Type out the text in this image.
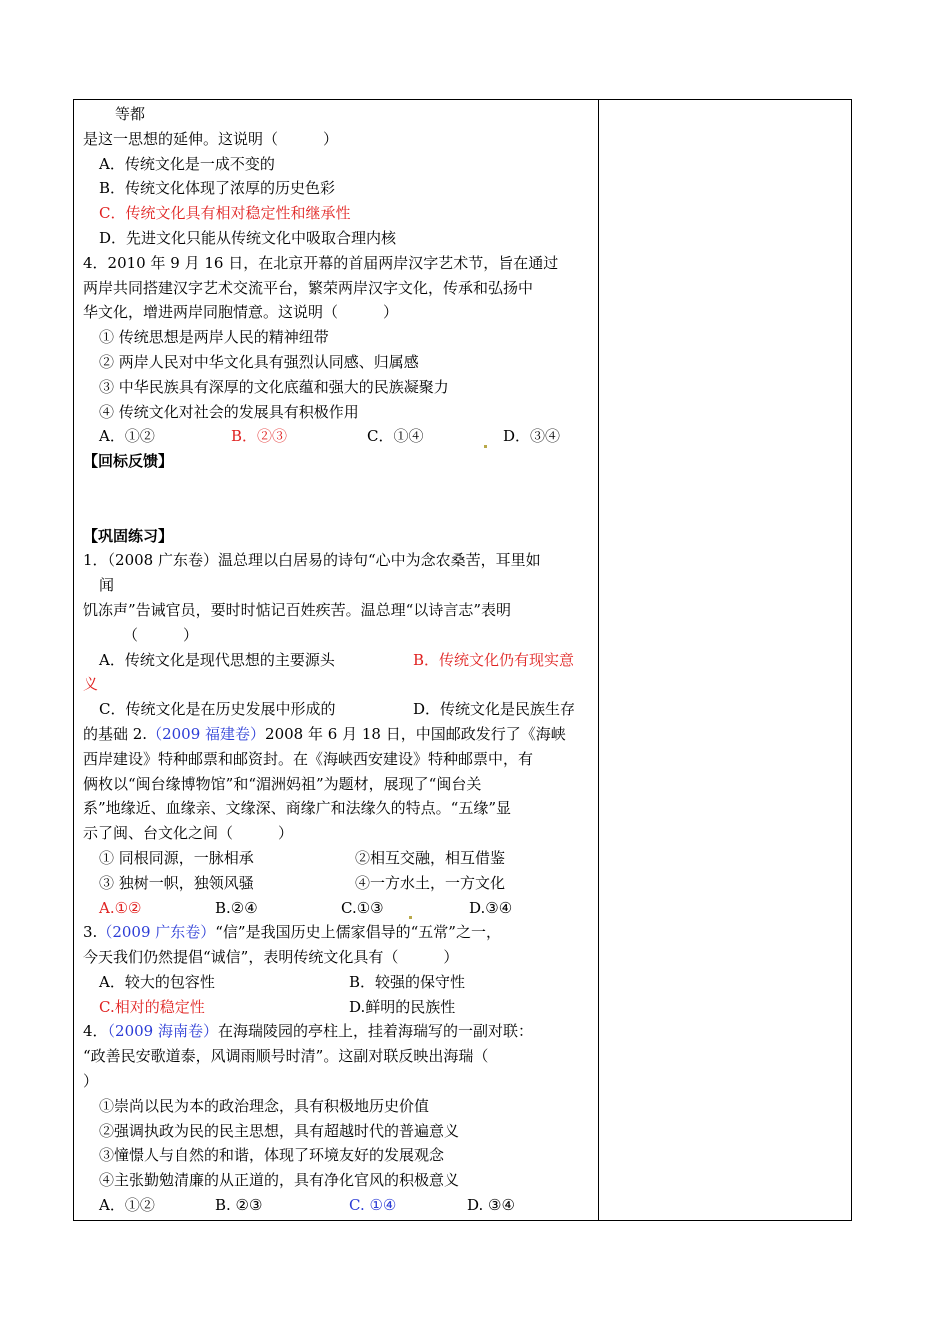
等都
是这一思想的延伸。这说明（　　　）
A．传统文化是一成不变的
B．传统文化体现了浓厚的历史色彩
C．传统文化具有相对稳定性和继承性
D．先进文化只能从传统文化中吸取合理内核
4．2010 年 9 月 16 日，在北京开幕的首届两岸汉字艺术节，旨在通过
两岸共同搭建汉字艺术交流平台，繁荣两岸汉字文化，传承和弘扬中
华文化，增进两岸同胞情意。这说明（　　　）
① 传统思想是两岸人民的精神纽带
② 两岸人民对中华文化具有强烈认同感、归属感
③ 中华民族具有深厚的文化底蕴和强大的民族凝聚力
④ 传统文化对社会的发展具有积极作用
A．①②	B．②③	C．①④	D．③④
【回标反馈】
【巩固练习】
1．（2008 广东卷）温总理以白居易的诗句“心中为念农桑苦，耳里如
闻
饥冻声”告诫官员，要时时惦记百姓疾苦。温总理“以诗言志”表明
（　　　）
A．传统文化是现代思想的主要源头	B．传统文化仍有现实意
义
C．传统文化是在历史发展中形成的	D．传统文化是民族生存
的基础 2.（2009 福建卷）2008 年 6 月 18 日，中国邮政发行了《海峡
西岸建设》特种邮票和邮资封。在《海峡西安建设》特种邮票中，有
俩枚以“闽台缘博物馆”和“湄洲妈祖”为题材，展现了“闽台关
系”地缘近、血缘亲、文缘深、商缘广和法缘久的特点。“五缘”显
示了闽、台文化之间（　　　）
① 同根同源，一脉相承	②相互交融，相互借鉴
③ 独树一帜，独领风骚	④一方水土，一方文化
A.①②	B.②④	C.①③	D.③④
3.（2009 广东卷）“信”是我国历史上儒家倡导的“五常”之一，
今天我们仍然提倡“诚信”，表明传统文化具有（　　　）
A．较大的包容性	B．较强的保守性
C.相对的稳定性	D.鲜明的民族性
4．（2009 海南卷）在海瑞陵园的亭柱上，挂着海瑞写的一副对联：
“政善民安歌道泰，风调雨顺号时清”。这副对联反映出海瑞（
）
①崇尚以民为本的政治理念，具有积极地历史价值
②强调执政为民的民主思想，具有超越时代的普遍意义
③憧憬人与自然的和谐，体现了环境友好的发展观念
④主张勤勉清廉的从正道的，具有净化官风的积极意义
A．①②	B. ②③	C. ①④	D. ③④
